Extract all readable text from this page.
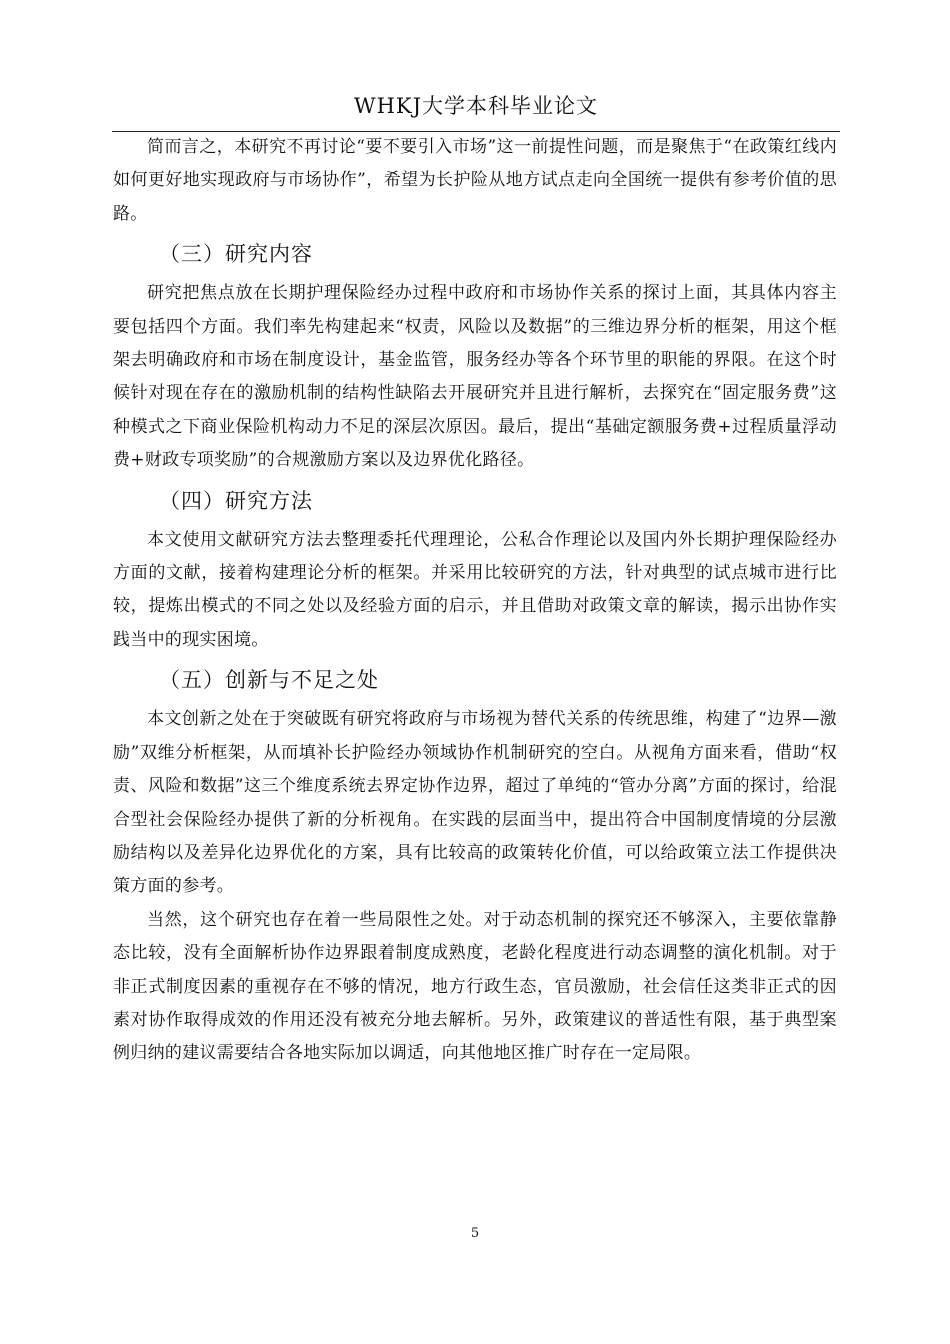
WHKJ大学本科毕业论文

简而言之，本研究不再讨论“要不要引入市场”这一前提性问题，而是聚焦于“在政策红线内如何更好地实现政府与市场协作”，希望为长护险从地方试点走向全国统一提供有参考价值的思路。

（三）研究内容

研究把焦点放在长期护理保险经办过程中政府和市场协作关系的探讨上面，其具体内容主要包括四个方面。我们率先构建起来“权责，风险以及数据”的三维边界分析的框架，用这个框架去明确政府和市场在制度设计，基金监管，服务经办等各个环节里的职能的界限。在这个时候针对现在存在的激励机制的结构性缺陷去开展研究并且进行解析，去探究在“固定服务费”这种模式之下商业保险机构动力不足的深层次原因。最后，提出“基础定额服务费+过程质量浮动费+财政专项奖励”的合规激励方案以及边界优化路径。

（四）研究方法

本文使用文献研究方法去整理委托代理理论，公私合作理论以及国内外长期护理保险经办方面的文献，接着构建理论分析的框架。并采用比较研究的方法，针对典型的试点城市进行比较，提炼出模式的不同之处以及经验方面的启示，并且借助对政策文章的解读，揭示出协作实践当中的现实困境。

（五）创新与不足之处

本文创新之处在于突破既有研究将政府与市场视为替代关系的传统思维，构建了“边界—激励”双维分析框架，从而填补长护险经办领域协作机制研究的空白。从视角方面来看，借助“权责、风险和数据”这三个维度系统去界定协作边界，超过了单纯的“管办分离”方面的探讨，给混合型社会保险经办提供了新的分析视角。在实践的层面当中，提出符合中国制度情境的分层激励结构以及差异化边界优化的方案，具有比较高的政策转化价值，可以给政策立法工作提供决策方面的参考。

当然，这个研究也存在着一些局限性之处。对于动态机制的探究还不够深入，主要依靠静态比较，没有全面解析协作边界跟着制度成熟度，老龄化程度进行动态调整的演化机制。对于非正式制度因素的重视存在不够的情况，地方行政生态，官员激励，社会信任这类非正式的因素对协作取得成效的作用还没有被充分地去解析。另外，政策建议的普适性有限，基于典型案例归纳的建议需要结合各地实际加以调适，向其他地区推广时存在一定局限。

5
